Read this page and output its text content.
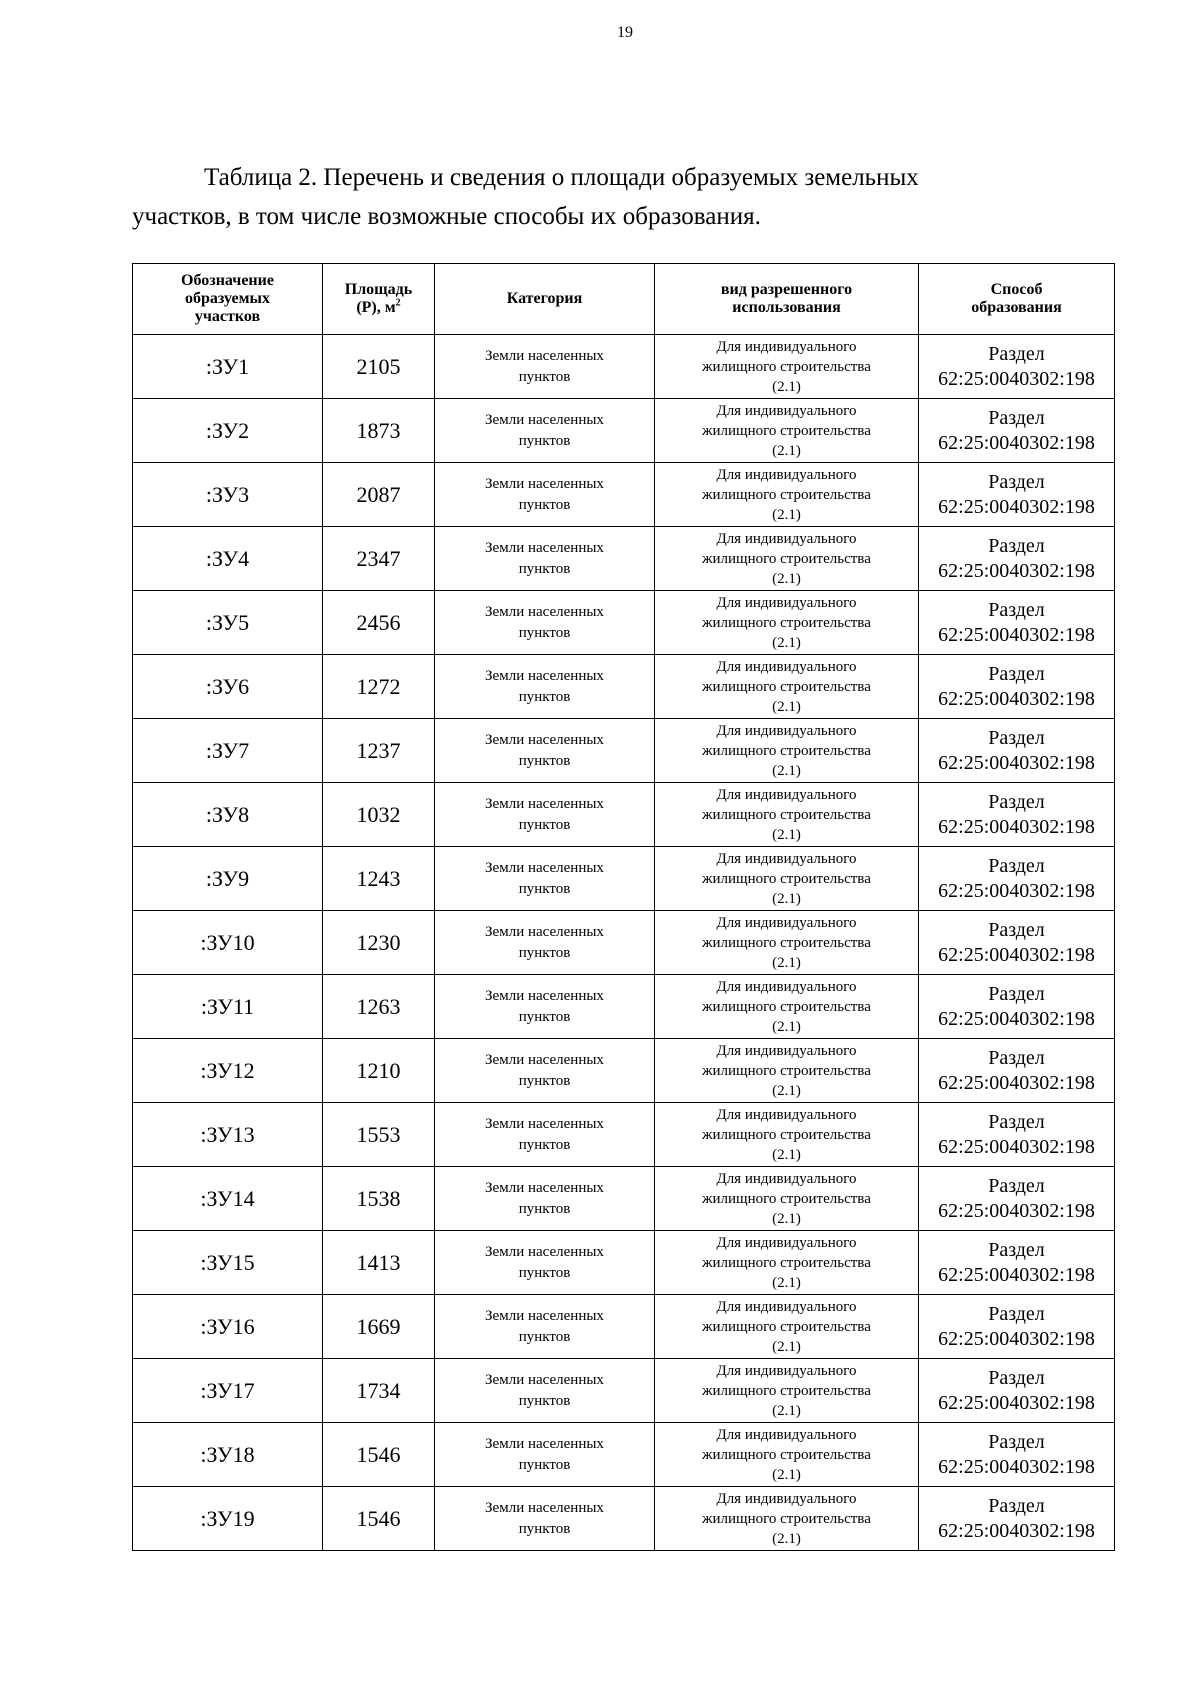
19
Таблица 2. Перечень и сведения о площади образуемых земельных
участков, в том числе возможные способы их образования.
Обозначение
образуемых
участков	Площадь
(Р), $м^2$	Категория	вид разрешенного
использования	Способ
образования

:ЗУ1	2105	Земли населенных
пунктов	Для индивидуального
жилищного строительства
(2.1)	Раздел
62:25:0040302:198

:ЗУ2	1873	Земли населенных
пунктов	Для индивидуального
жилищного строительства
(2.1)	Раздел
62:25:0040302:198

:ЗУ3	2087	Земли населенных
пунктов	Для индивидуального
жилищного строительства
(2.1)	Раздел
62:25:0040302:198

:ЗУ4	2347	Земли населенных
пунктов	Для индивидуального
жилищного строительства
(2.1)	Раздел
62:25:0040302:198

:ЗУ5	2456	Земли населенных
пунктов	Для индивидуального
жилищного строительства
(2.1)	Раздел
62:25:0040302:198

:ЗУ6	1272	Земли населенных
пунктов	Для индивидуального
жилищного строительства
(2.1)	Раздел
62:25:0040302:198

:ЗУ7	1237	Земли населенных
пунктов	Для индивидуального
жилищного строительства
(2.1)	Раздел
62:25:0040302:198

:ЗУ8	1032	Земли населенных
пунктов	Для индивидуального
жилищного строительства
(2.1)	Раздел
62:25:0040302:198

:ЗУ9	1243	Земли населенных
пунктов	Для индивидуального
жилищного строительства
(2.1)	Раздел
62:25:0040302:198

:ЗУ10	1230	Земли населенных
пунктов	Для индивидуального
жилищного строительства
(2.1)	Раздел
62:25:0040302:198

:ЗУ11	1263	Земли населенных
пунктов	Для индивидуального
жилищного строительства
(2.1)	Раздел
62:25:0040302:198

:ЗУ12	1210	Земли населенных
пунктов	Для индивидуального
жилищного строительства
(2.1)	Раздел
62:25:0040302:198

:ЗУ13	1553	Земли населенных
пунктов	Для индивидуального
жилищного строительства
(2.1)	Раздел
62:25:0040302:198

:ЗУ14	1538	Земли населенных
пунктов	Для индивидуального
жилищного строительства
(2.1)	Раздел
62:25:0040302:198

:ЗУ15	1413	Земли населенных
пунктов	Для индивидуального
жилищного строительства
(2.1)	Раздел
62:25:0040302:198

:ЗУ16	1669	Земли населенных
пунктов	Для индивидуального
жилищного строительства
(2.1)	Раздел
62:25:0040302:198

:ЗУ17	1734	Земли населенных
пунктов	Для индивидуального
жилищного строительства
(2.1)	Раздел
62:25:0040302:198

:ЗУ18	1546	Земли населенных
пунктов	Для индивидуального
жилищного строительства
(2.1)	Раздел
62:25:0040302:198

:ЗУ19	1546	Земли населенных
пунктов	Для индивидуального
жилищного строительства
(2.1)	Раздел
62:25:0040302:198
